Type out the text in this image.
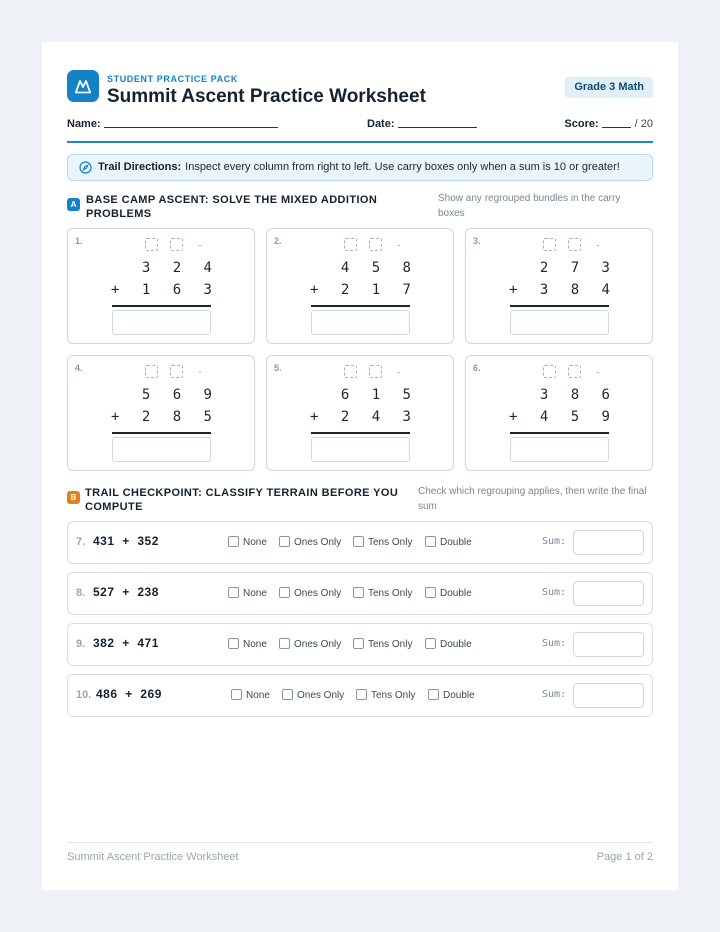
STUDENT PRACTICE PACK
Summit Ascent Practice Worksheet	Grade 3 Math
Name:	Date:	Score:	/ 20
Trail Directions: Inspect every column from right to left. Use carry boxes only when a sum is 10 or greater!
A BASE CAMP ASCENT: SOLVE THE MIXED ADDITION PROBLEMS
Show any regrouped bundles in the carry boxes
1.
3 2 4
+ 1 6 3
2.
4 5 8
+ 2 1 7
3.
2 7 3
+ 3 8 4
4.
5 6 9
+ 2 8 5
5.
6 1 5
+ 2 4 3
6.
3 8 6
+ 4 5 9
B TRAIL CHECKPOINT: CLASSIFY TERRAIN BEFORE YOU COMPUTE
Check which regrouping applies, then write the final sum
7. 431  +  352	None	Ones Only	Tens Only	Double	Sum:
8. 527  +  238	None	Ones Only	Tens Only	Double	Sum:
9. 382  +  471	None	Ones Only	Tens Only	Double	Sum:
10. 486  +  269	None	Ones Only	Tens Only	Double	Sum:
Summit Ascent Practice Worksheet	Page 1 of 2
